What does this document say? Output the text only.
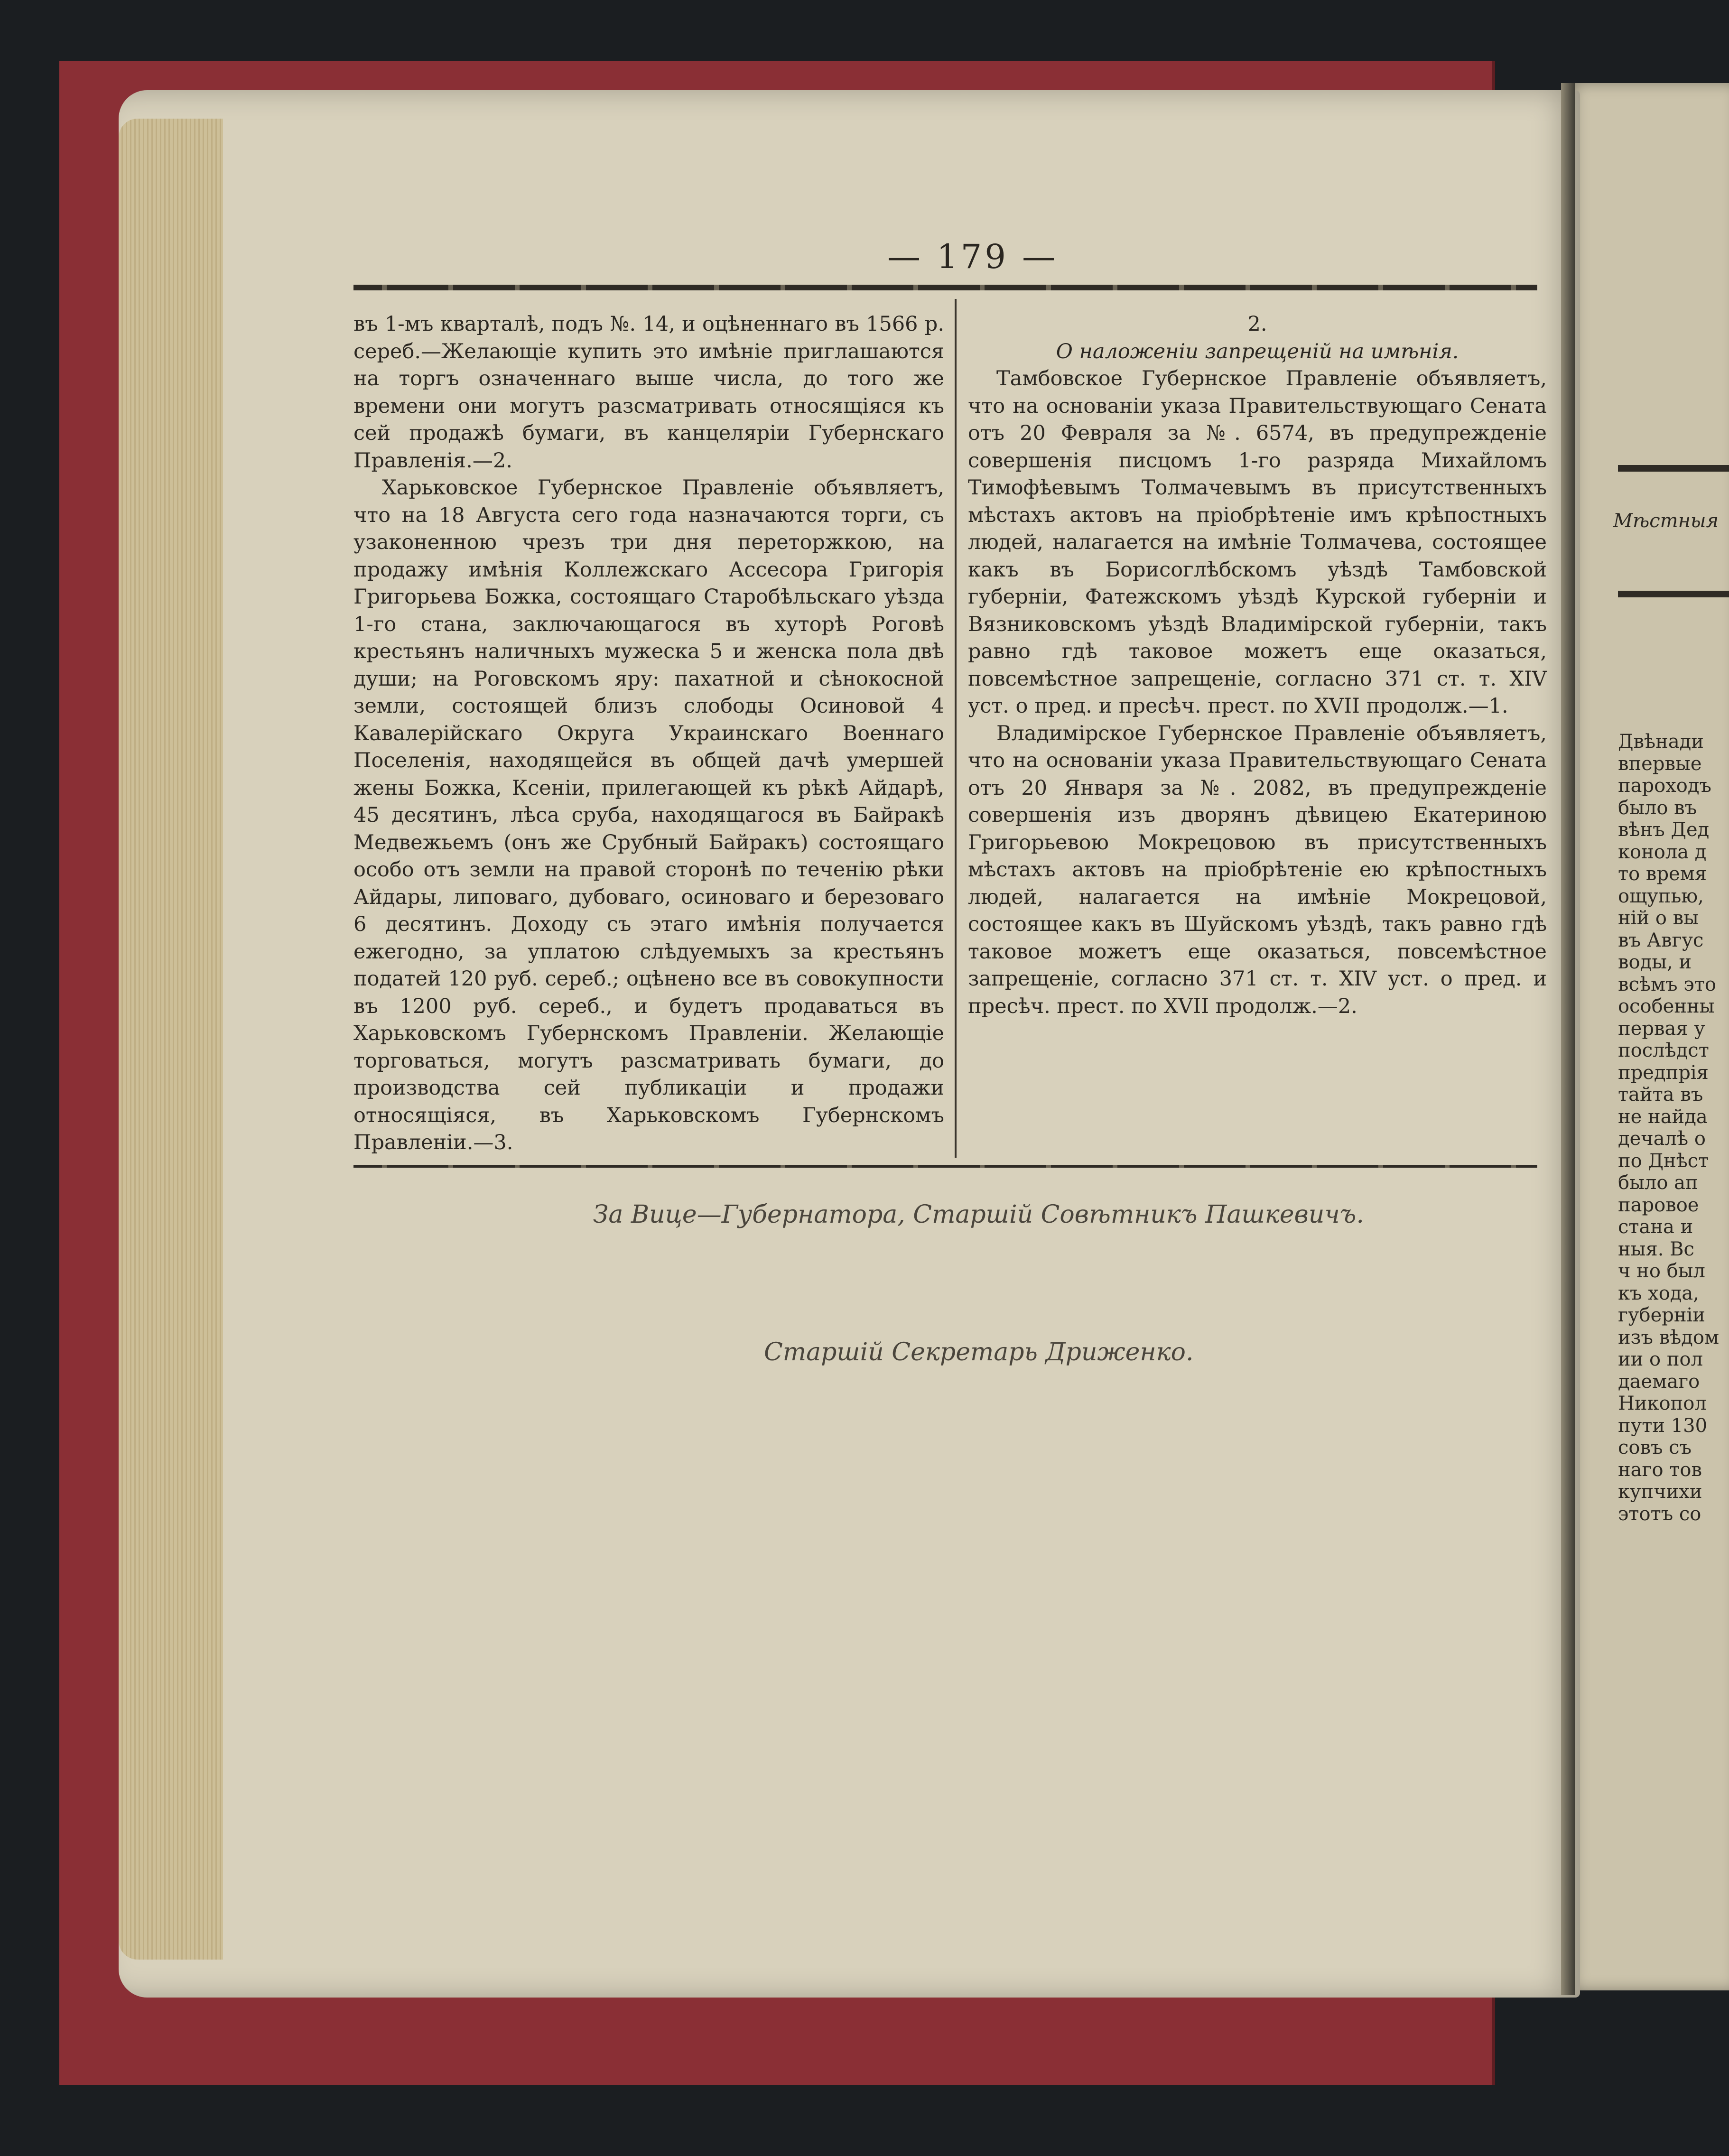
— 179 —

въ 1-мъ кварталѣ, подъ №. 14, и оцѣненнаго въ 1566 р. сереб.—Желающіе купить это имѣніе приглашаются на торгъ означеннаго выше числа, до того же времени они могутъ разсматривать относящіяся къ сей продажѣ бумаги, въ канцеляріи Губернскаго Правленія.—2.

Харьковское Губернское Правленіе объявляетъ, что на 18 Августа сего года назначаются торги, съ узаконенною чрезъ три дня переторжкою, на продажу имѣнія Коллежскаго Ассесора Григорія Григорьева Божка, состоящаго Старобѣльскаго уѣзда 1-го стана, заключающагося въ хуторѣ Роговѣ крестьянъ наличныхъ мужеска 5 и женска пола двѣ души; на Роговскомъ яру: пахатной и сѣнокосной земли, состоящей близъ слободы Осиновой 4 Кавалерійскаго Округа Украинскаго Военнаго Поселенія, находящейся въ общей дачѣ умершей жены Божка, Ксеніи, прилегающей къ рѣкѣ Айдарѣ, 45 десятинъ, лѣса сруба, находящагося въ Байракѣ Медвежьемъ (онъ же Срубный Байракъ) состоящаго особо отъ земли на правой сторонѣ по теченію рѣки Айдары, липоваго, дубоваго, осиноваго и березоваго 6 десятинъ. Доходу съ этаго имѣнія получается ежегодно, за уплатою слѣдуемыхъ за крестьянъ податей 120 руб. сереб.; оцѣнено все въ совокупности въ 1200 руб. сереб., и будетъ продаваться въ Харьковскомъ Губернскомъ Правленіи. Желающіе торговаться, могутъ разсматривать бумаги, до производства сей публикаціи и продажи относящіяся, въ Харьковскомъ Губернскомъ Правленіи.—3.

2.

О наложеніи запрещеній на имѣнія.

Тамбовское Губернское Правленіе объявляетъ, что на основаніи указа Правительствующаго Сената отъ 20 Февраля за №. 6574, въ предупрежденіе совершенія писцомъ 1-го разряда Михайломъ Тимофѣевымъ Толмачевымъ въ присутственныхъ мѣстахъ актовъ на пріобрѣтеніе имъ крѣпостныхъ людей, налагается на имѣніе Толмачева, состоящее какъ въ Борисоглѣбскомъ уѣздѣ Тамбовской губерніи, Фатежскомъ уѣздѣ Курской губерніи и Вязниковскомъ уѣздѣ Владимірской губерніи, такъ равно гдѣ таковое можетъ еще оказаться, повсемѣстное запрещеніе, согласно 371 ст. т. XIV уст. о пред. и пресѣч. прест. по XVII продолж.—1.

Владимірское Губернское Правленіе объявляетъ, что на основаніи указа Правительствующаго Сената отъ 20 Января за №. 2082, въ предупрежденіе совершенія изъ дворянъ дѣвицею Екатериною Григорьевою Мокрецовою въ присутственныхъ мѣстахъ актовъ на пріобрѣтеніе ею крѣпостныхъ людей, налагается на имѣніе Мокрецовой, состоящее какъ въ Шуйскомъ уѣздѣ, такъ равно гдѣ таковое можетъ еще оказаться, повсемѣстное запрещеніе, согласно 371 ст. т. XIV уст. о пред. и пресѣч. прест. по XVII продолж.—2.

За Вице—Губернатора, Старшій Совѣтникъ Пашкевичъ.
Старшій Секретарь Дриженко.
Мѣстныя
Двѣнади
впервые
пароходъ
было въ
вѣнъ Дед
конола д
то время
ощупью,
ній о вы
въ Авгус
воды, и
всѣмъ это
особенны
первая у
послѣдст
предпрія
тайта въ
не найда
дечалѣ о
по Днѣст
было ап
паровое
стана и
ныя. Вс
ч но был
къ хода,
губерніи
изъ вѣдом
ии о пол
даемаго
Никопол
пути 130
совъ съ
наго тов
купчихи
этотъ со
